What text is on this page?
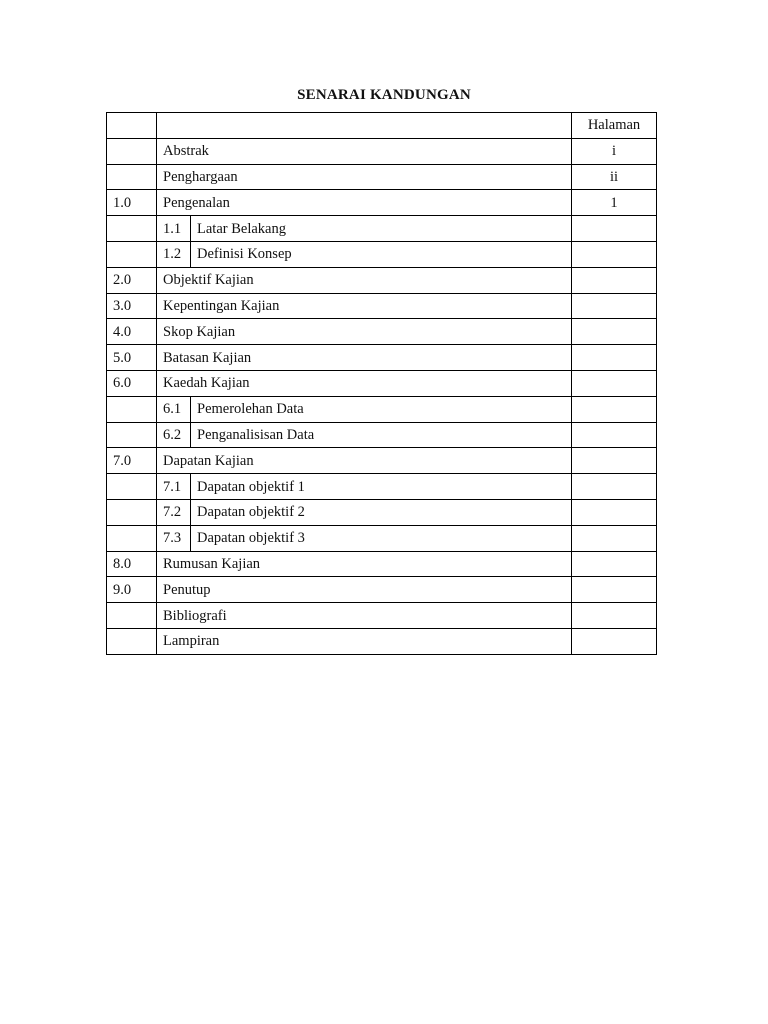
SENARAI KANDUNGAN
			Halaman
	Abstrak		i
	Penghargaan		ii
1.0	Pengenalan		1
	1.1	Latar Belakang	
	1.2	Definisi Konsep	
2.0	Objektif Kajian		
3.0	Kepentingan Kajian		
4.0	Skop Kajian		
5.0	Batasan Kajian		
6.0	Kaedah Kajian		
	6.1	Pemerolehan Data	
	6.2	Penganalisisan Data	
7.0	Dapatan Kajian		
	7.1	Dapatan objektif 1	
	7.2	Dapatan objektif 2	
	7.3	Dapatan objektif 3	
8.0	Rumusan Kajian		
9.0	Penutup		
	Bibliografi		
	Lampiran		
